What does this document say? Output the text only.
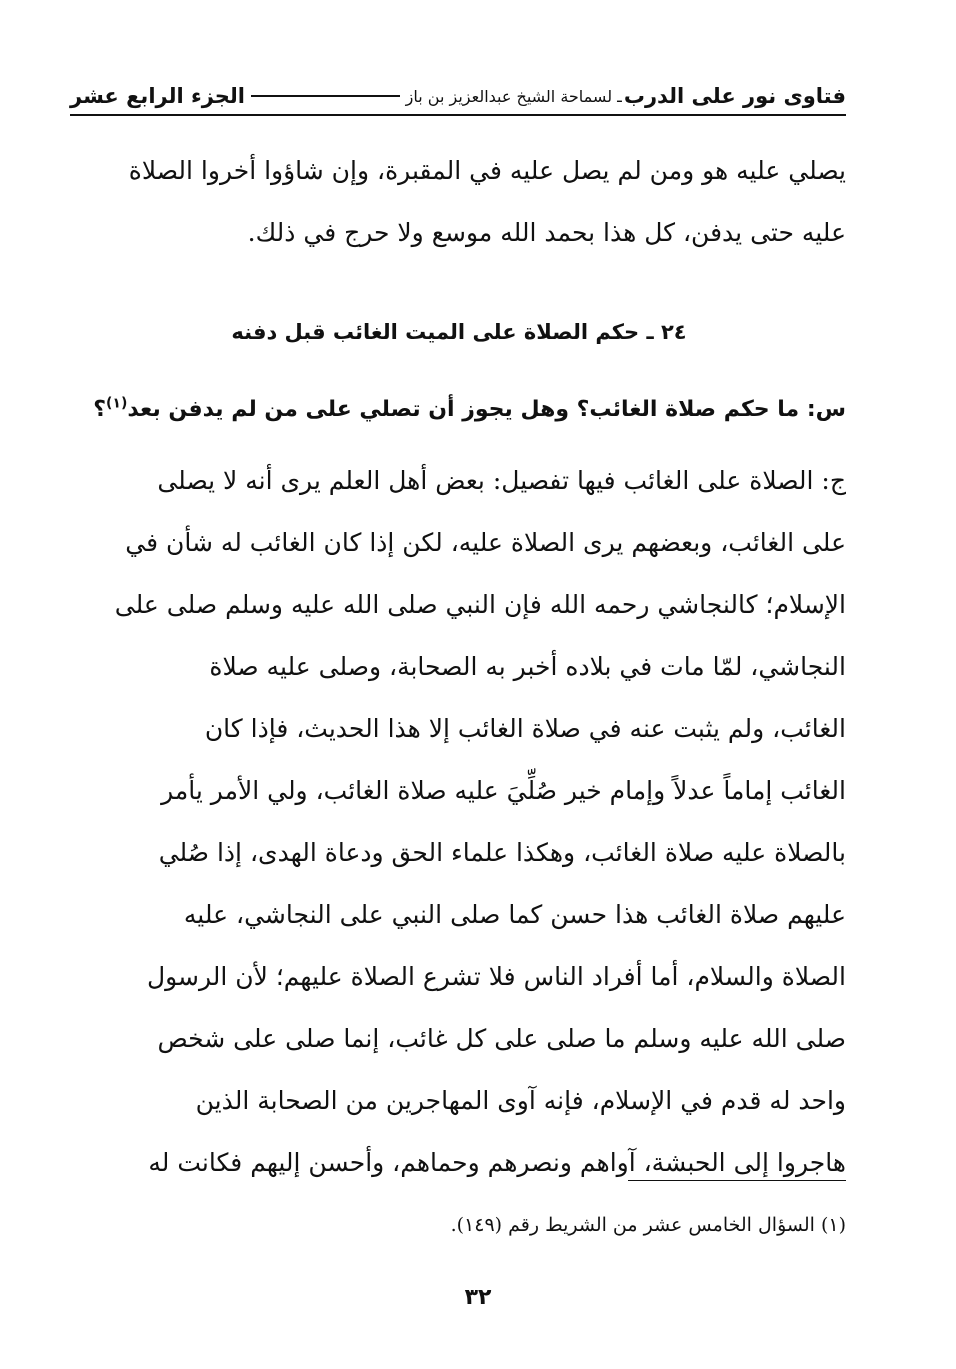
فتاوى نور على الدرب
ـ لسماحة الشيخ عبدالعزيز بن باز
الجزء الرابع عشر
يصلي عليه هو ومن لم يصل عليه في المقبرة، وإن شاؤوا أخروا الصلاة
عليه حتى يدفن، كل هذا بحمد الله موسع ولا حرج في ذلك.
٢٤ ـ حكم الصلاة على الميت الغائب قبل دفنه
س: ما حكم صلاة الغائب؟ وهل يجوز أن تصلي على من لم يدفن بعد$^{(١)}$؟
ج: الصلاة على الغائب فيها تفصيل: بعض أهل العلم يرى أنه لا يصلى
على الغائب، وبعضهم يرى الصلاة عليه، لكن إذا كان الغائب له شأن في
الإسلام؛ كالنجاشي رحمه الله فإن النبي صلى الله عليه وسلم صلى على
النجاشي، لمّا مات في بلاده أخبر به الصحابة، وصلى عليه صلاة
الغائب، ولم يثبت عنه في صلاة الغائب إلا هذا الحديث، فإذا كان
الغائب إماماً عدلاً وإمام خير صُلِّيَ عليه صلاة الغائب، ولي الأمر يأمر
بالصلاة عليه صلاة الغائب، وهكذا علماء الحق ودعاة الهدى، إذا صُلي
عليهم صلاة الغائب هذا حسن كما صلى النبي على النجاشي، عليه
الصلاة والسلام، أما أفراد الناس فلا تشرع الصلاة عليهم؛ لأن الرسول
صلى الله عليه وسلم ما صلى على كل غائب، إنما صلى على شخص
واحد له قدم في الإسلام، فإنه آوى المهاجرين من الصحابة الذين
هاجروا إلى الحبشة، آواهم ونصرهم وحماهم، وأحسن إليهم فكانت له
(١) السؤال الخامس عشر من الشريط رقم (١٤٩).
٣٢
